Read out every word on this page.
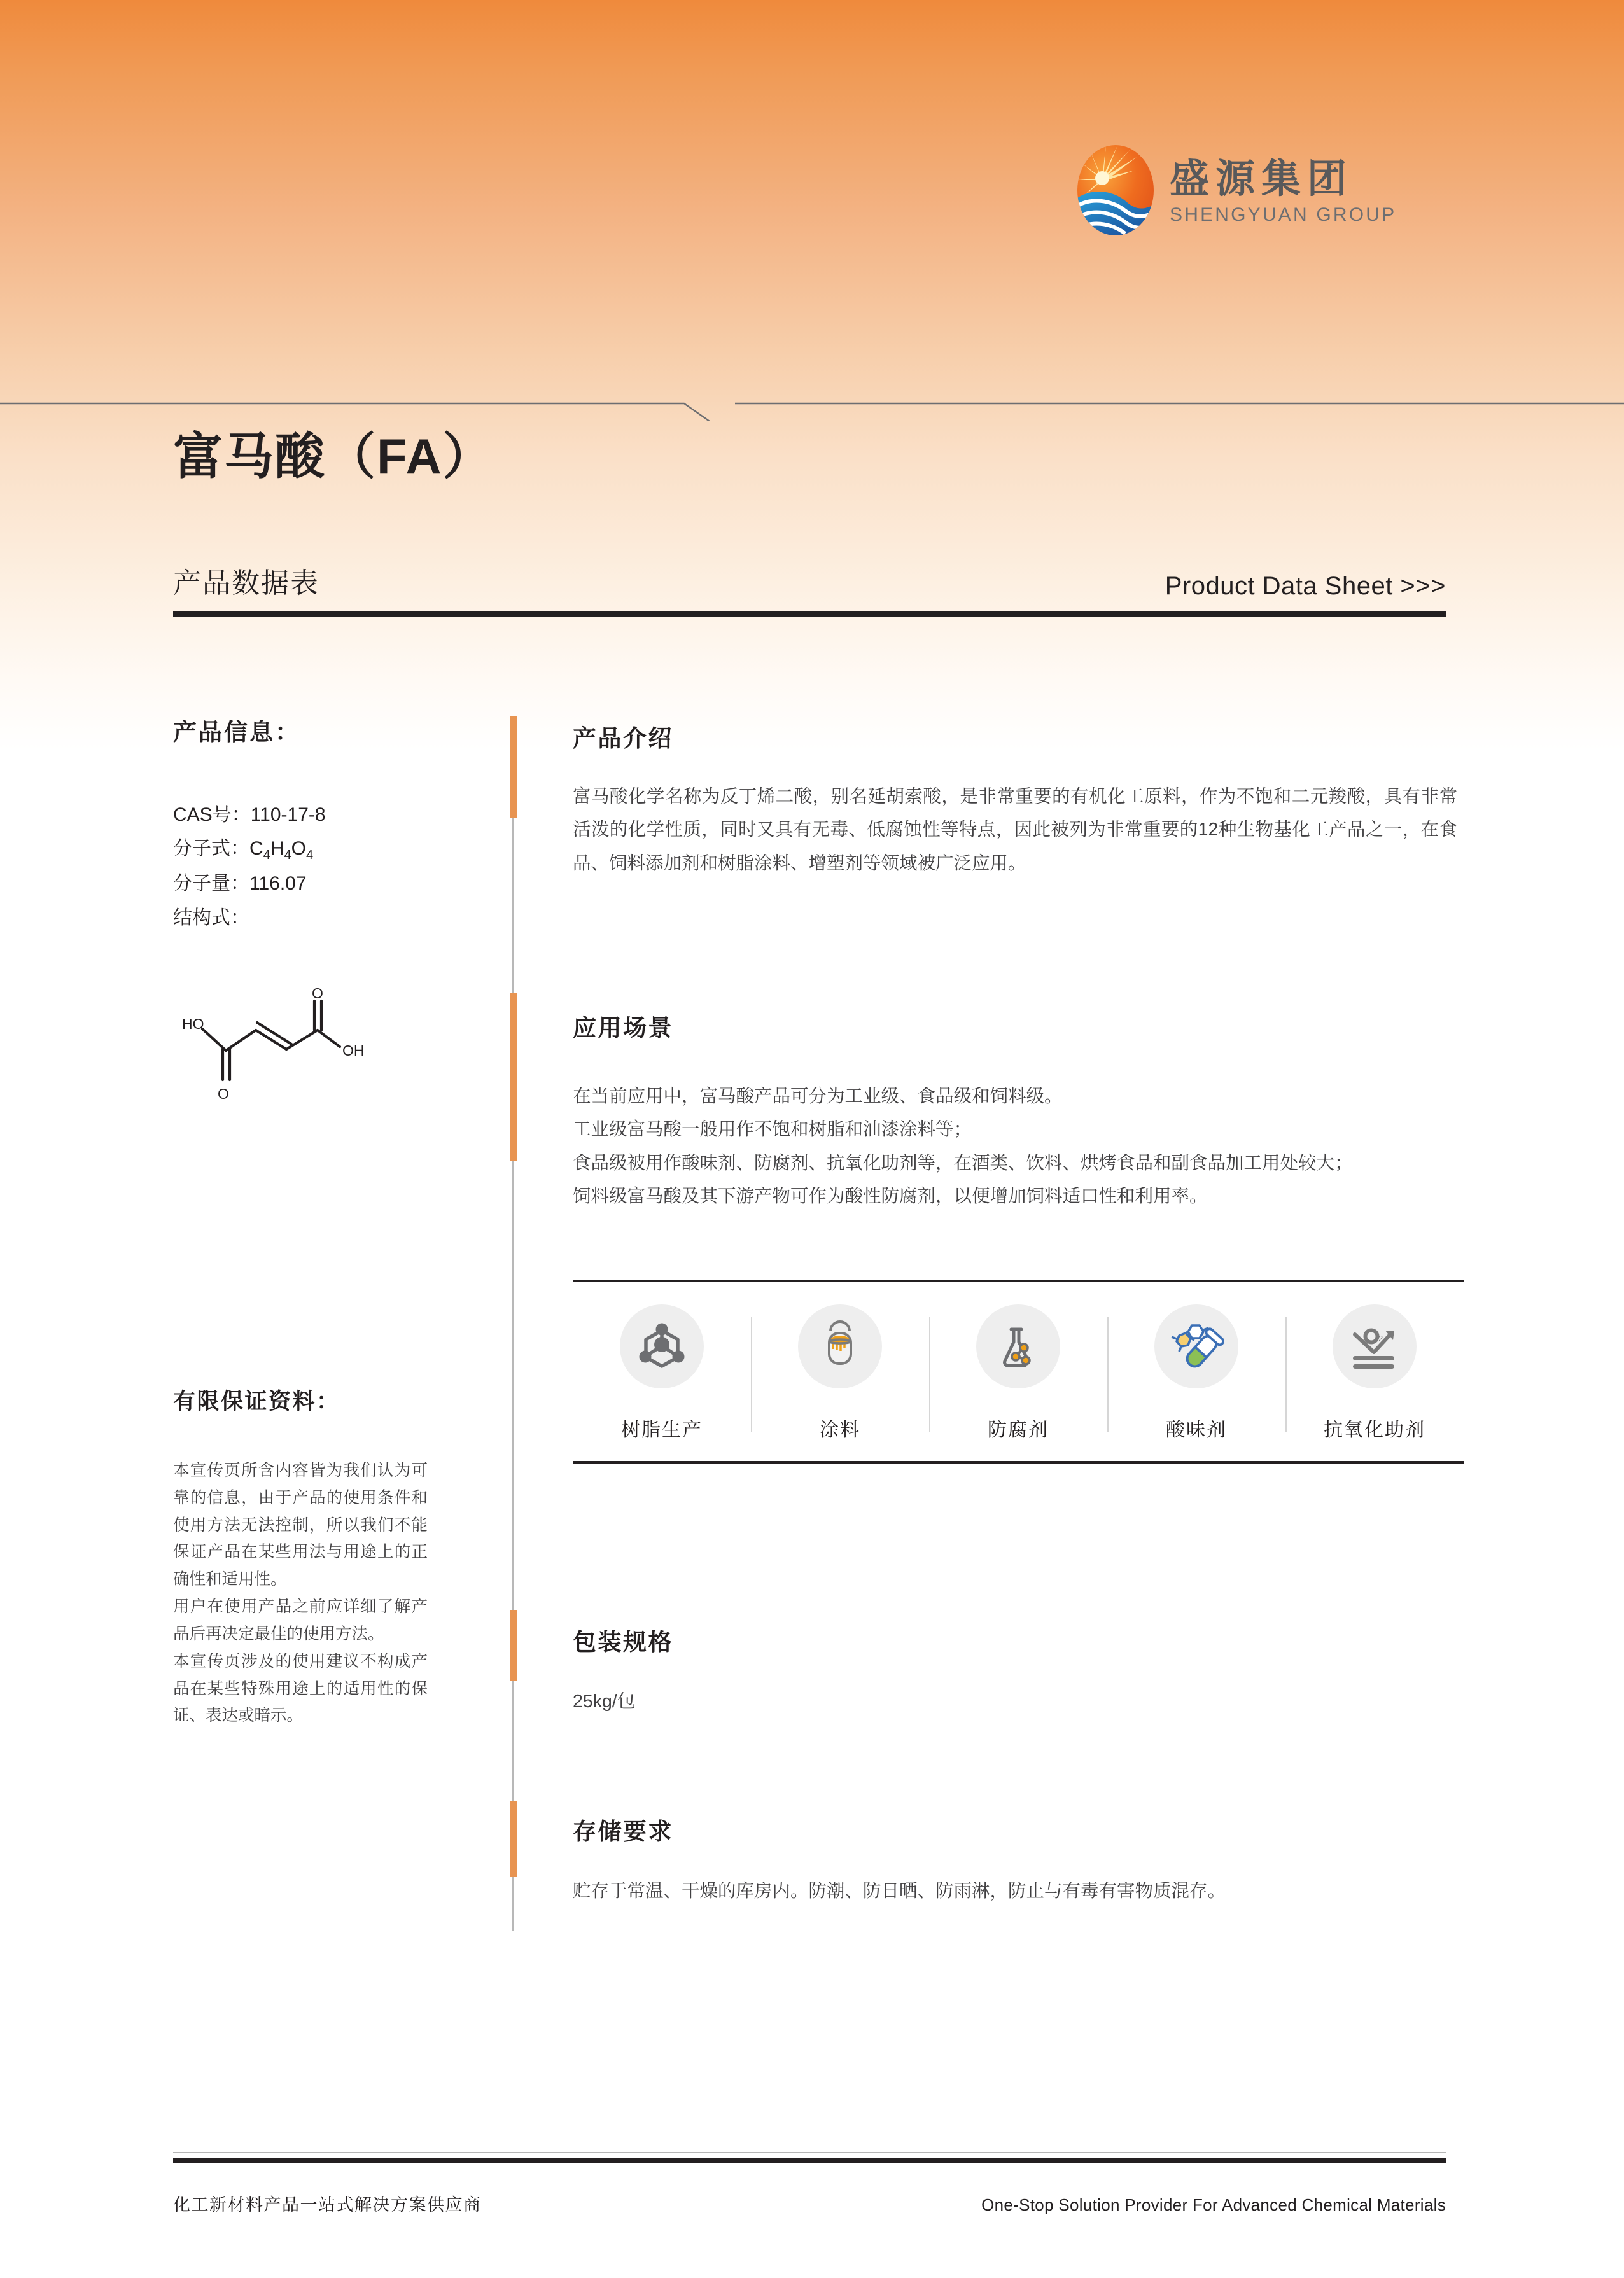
盛源集团
SHENGYUAN GROUP
富马酸（FA）
产品数据表	Product Data Sheet >>>
产品信息：
CAS号：110-17-8
分子式：$C_4H_4O_4$
分子量：116.07
结构式：
HO
O
O
OH
有限保证资料：

本宣传页所含内容皆为我们认为可靠的信息，由于产品的使用条件和使用方法无法控制，所以我们不能保证产品在某些用法与用途上的正确性和适用性。

用户在使用产品之前应详细了解产品后再决定最佳的使用方法。

本宣传页涉及的使用建议不构成产品在某些特殊用途上的适用性的保证、表达或暗示。

产品介绍
富马酸化学名称为反丁烯二酸，别名延胡索酸，是非常重要的有机化工原料，作为不饱和二元羧酸，具有非常活泼的化学性质，同时又具有无毒、低腐蚀性等特点，因此被列为非常重要的12种生物基化工产品之一，在食品、饲料添加剂和树脂涂料、增塑剂等领域被广泛应用。
应用场景

在当前应用中，富马酸产品可分为工业级、食品级和饲料级。

工业级富马酸一般用作不饱和树脂和油漆涂料等；

食品级被用作酸味剂、防腐剂、抗氧化助剂等，在酒类、饮料、烘烤食品和副食品加工用处较大；

饲料级富马酸及其下游产物可作为酸性防腐剂，以便增加饲料适口性和利用率。

树脂生产	涂料	防腐剂	酸味剂
2
抗氧化助剂
包装规格
25kg/包
存储要求
贮存于常温、干燥的库房内。防潮、防日晒、防雨淋，防止与有毒有害物质混存。
化工新材料产品一站式解决方案供应商	One-Stop Solution Provider For Advanced Chemical Materials
